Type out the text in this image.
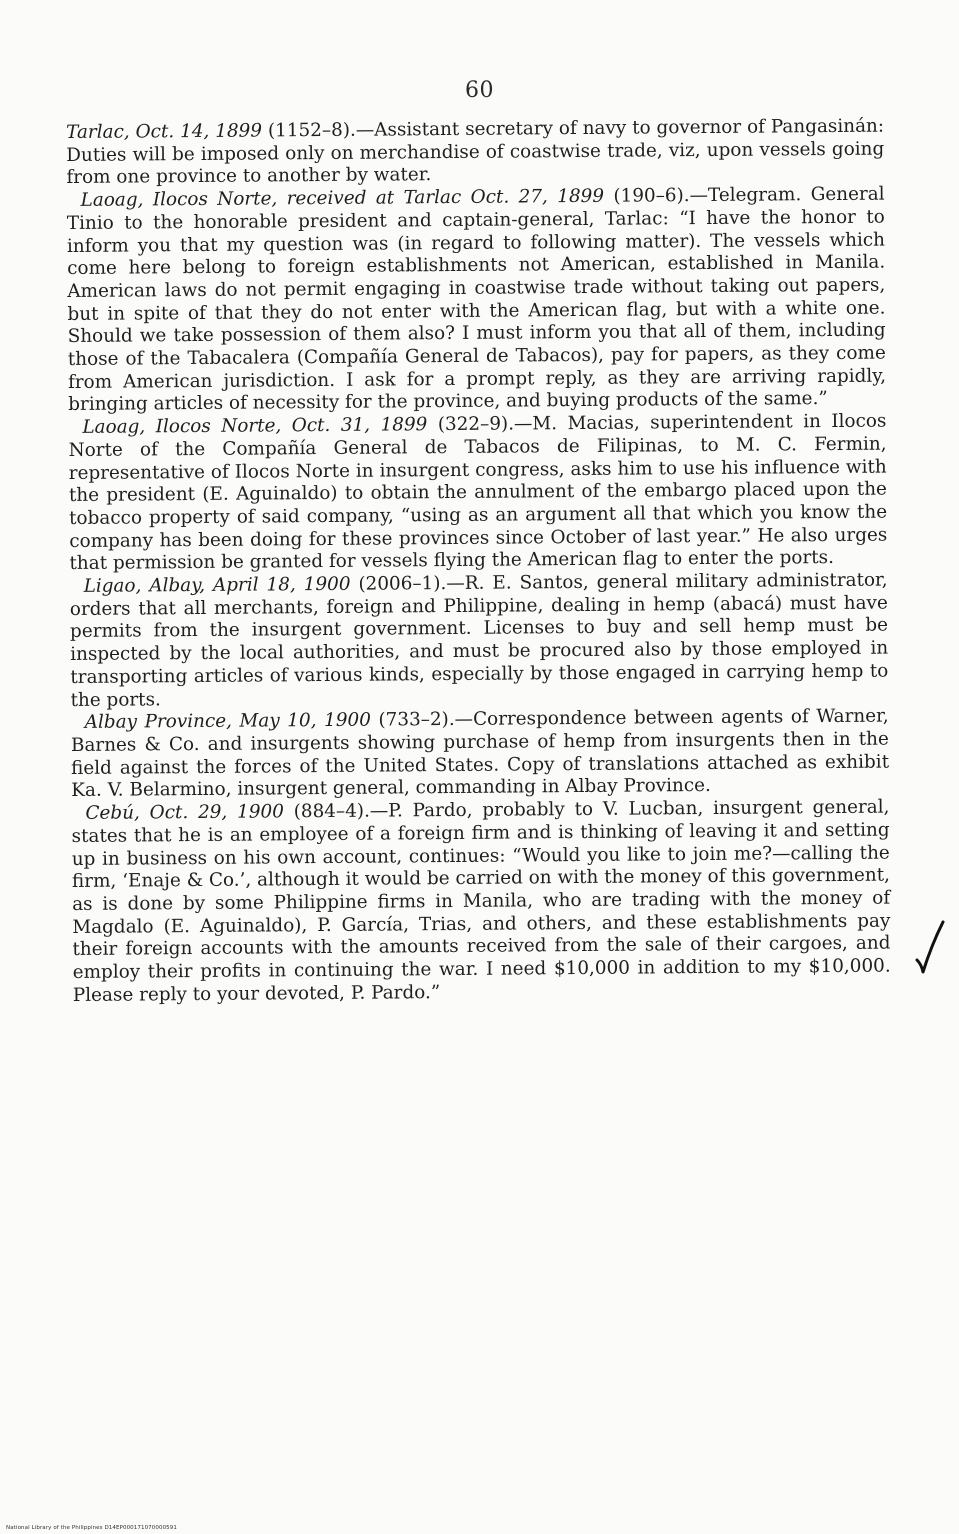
60

Tarlac, Oct. 14, 1899 (1152–8).—Assistant secretary of navy to governor of Pangasinán: Duties will be imposed only on merchandise of coastwise trade, viz, upon vessels going from one province to another by water.

Laoag, Ilocos Norte, received at Tarlac Oct. 27, 1899 (190–6).—Telegram. General Tinio to the honorable president and captain-general, Tarlac: “I have the honor to inform you that my question was (in regard to following matter). The vessels which come here belong to foreign establishments not American, established in Manila. American laws do not permit engaging in coastwise trade without taking out papers, but in spite of that they do not enter with the American flag, but with a white one. Should we take possession of them also? I must inform you that all of them, including those of the Tabacalera (Compañía General de Tabacos), pay for papers, as they come from American jurisdiction. I ask for a prompt reply, as they are arriving rapidly, bringing articles of necessity for the province, and buying products of the same.”

Laoag, Ilocos Norte, Oct. 31, 1899 (322–9).—M. Macias, superintendent in Ilocos Norte of the Compañía General de Tabacos de Filipinas, to M. C. Fermin, representative of Ilocos Norte in insurgent congress, asks him to use his influence with the president (E. Aguinaldo) to obtain the annulment of the embargo placed upon the tobacco property of said company, “using as an argument all that which you know the company has been doing for these provinces since October of last year.” He also urges that permission be granted for vessels flying the American flag to enter the ports.

Ligao, Albay, April 18, 1900 (2006–1).—R. E. Santos, general military administrator, orders that all merchants, foreign and Philippine, dealing in hemp (abacá) must have permits from the insurgent government. Licenses to buy and sell hemp must be inspected by the local authorities, and must be procured also by those employed in transporting articles of various kinds, especially by those engaged in carrying hemp to the ports.

Albay Province, May 10, 1900 (733–2).—Correspondence between agents of Warner, Barnes & Co. and insurgents showing purchase of hemp from insurgents then in the field against the forces of the United States. Copy of translations attached as exhibit Ka. V. Belarmino, insurgent general, commanding in Albay Province.

Cebú, Oct. 29, 1900 (884–4).—P. Pardo, probably to V. Lucban, insurgent general, states that he is an employee of a foreign firm and is thinking of leaving it and setting up in business on his own account, continues: “Would you like to join me?—calling the firm, ‘Enaje & Co.’, although it would be carried on with the money of this government, as is done by some Philippine firms in Manila, who are trading with the money of Magdalo (E. Aguinaldo), P. García, Trias, and others, and these establishments pay their foreign accounts with the amounts received from the sale of their cargoes, and employ their profits in continuing the war. I need $10,000 in addition to my $10,000. Please reply to your devoted, P. Pardo.”

National Library of the Philippines D14EP000171070000591
